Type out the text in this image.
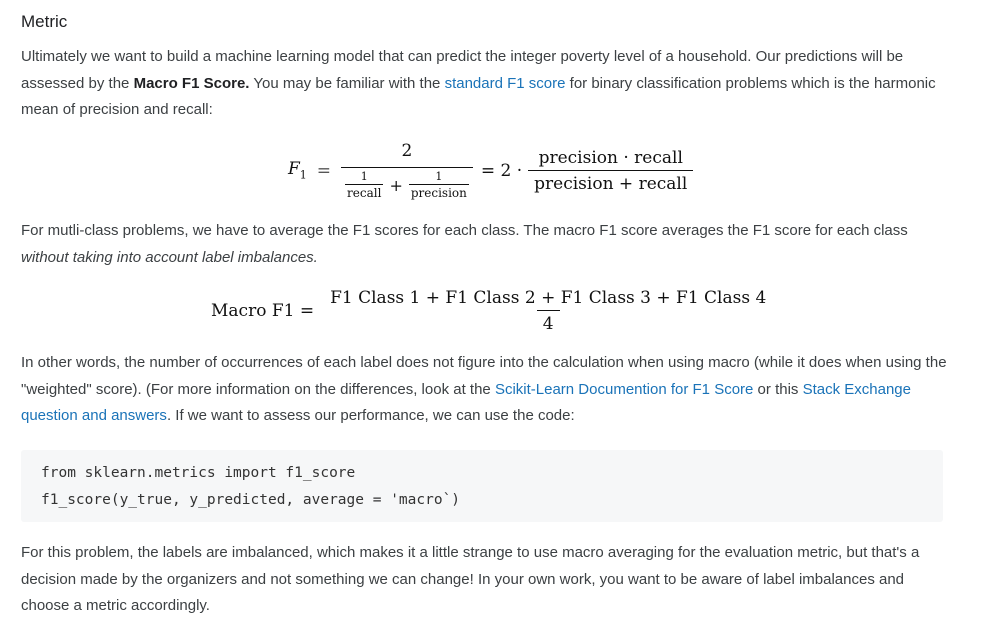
Metric

Ultimately we want to build a machine learning model that can predict the integer poverty level of a household. Our predictions will be assessed by the Macro F1 Score. You may be familiar with the standard F1 score for binary classification problems which is the harmonic mean of precision and recall:

$F_1$ =
2
$\frac{1}{\text{recall}} + \frac{1}{\text{precision}} = 2 \cdot \frac{\text{precision · recall}}{\text{precision + recall}}$

For mutli-class problems, we have to average the F1 scores for each class. The macro F1 score averages the F1 score for each class without taking into account label imbalances.

Macro $F1 = \frac{\text{F1 Class 1 + F1 Class 2 + F1 Class 3 + F1 Class 4}}{4}$

In other words, the number of occurrences of each label does not figure into the calculation when using macro (while it does when using the "weighted" score). (For more information on the differences, look at the Scikit-Learn Documention for F1 Score or this Stack Exchange question and answers. If we want to assess our performance, we can use the code:

from sklearn.metrics import f1_score
f1_score(y_true, y_predicted, average = 'macro`)

For this problem, the labels are imbalanced, which makes it a little strange to use macro averaging for the evaluation metric, but that's a decision made by the organizers and not something we can change! In your own work, you want to be aware of label imbalances and choose a metric accordingly.
